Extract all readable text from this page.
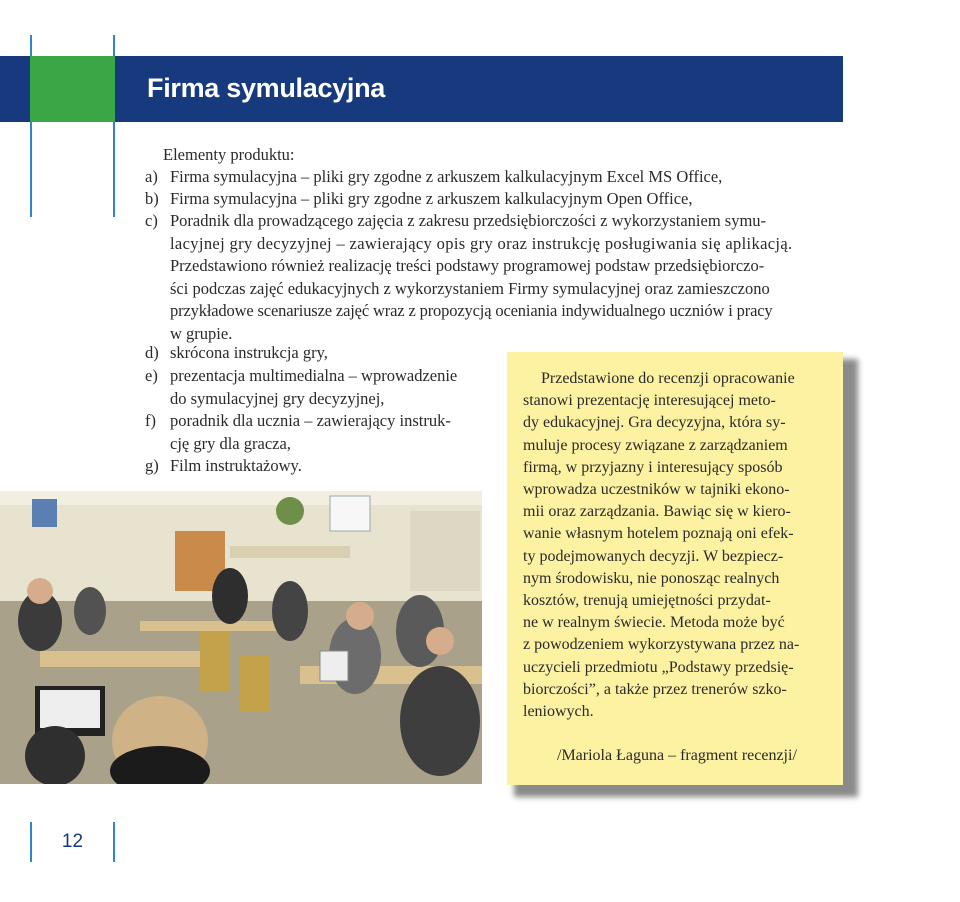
Firma symulacyjna
Elementy produktu:
a) Firma symulacyjna – pliki gry zgodne z arkuszem kalkulacyjnym Excel MS Office,
b) Firma symulacyjna – pliki gry zgodne z arkuszem kalkulacyjnym Open Office,
c) Poradnik dla prowadzącego zajęcia z zakresu przedsiębiorczości z wykorzystaniem symu-
lacyjnej gry decyzyjnej – zawierający opis gry oraz instrukcję posługiwania się aplikacją.
Przedstawiono również realizację treści podstawy programowej podstaw przedsiębiorczo-
ści podczas zajęć edukacyjnych z wykorzystaniem Firmy symulacyjnej oraz zamieszczono
przykładowe scenariusze zajęć wraz z propozycją oceniania indywidualnego uczniów i pracy
w grupie.
d) skrócona instrukcja gry,
e) prezentacja multimedialna – wprowadzenie
do symulacyjnej gry decyzyjnej,
f) poradnik dla ucznia – zawierający instruk-
cję gry dla gracza,
g) Film instruktażowy.
Przedstawione do recenzji opracowanie
stanowi prezentację interesującej meto-
dy edukacyjnej. Gra decyzyjna, która sy-
muluje procesy związane z zarządzaniem
firmą, w przyjazny i interesujący sposób
wprowadza uczestników w tajniki ekono-
mii oraz zarządzania. Bawiąc się w kiero-
wanie własnym hotelem poznają oni efek-
ty podejmowanych decyzji. W bezpiecz-
nym środowisku, nie ponosząc realnych
kosztów, trenują umiejętności przydat-
ne w realnym świecie. Metoda może być
z powodzeniem wykorzystywana przez na-
uczycieli przedmiotu „Podstawy przedsię-
biorczości”, a także przez trenerów szko-
leniowych.
/Mariola Łaguna – fragment recenzji/
12
